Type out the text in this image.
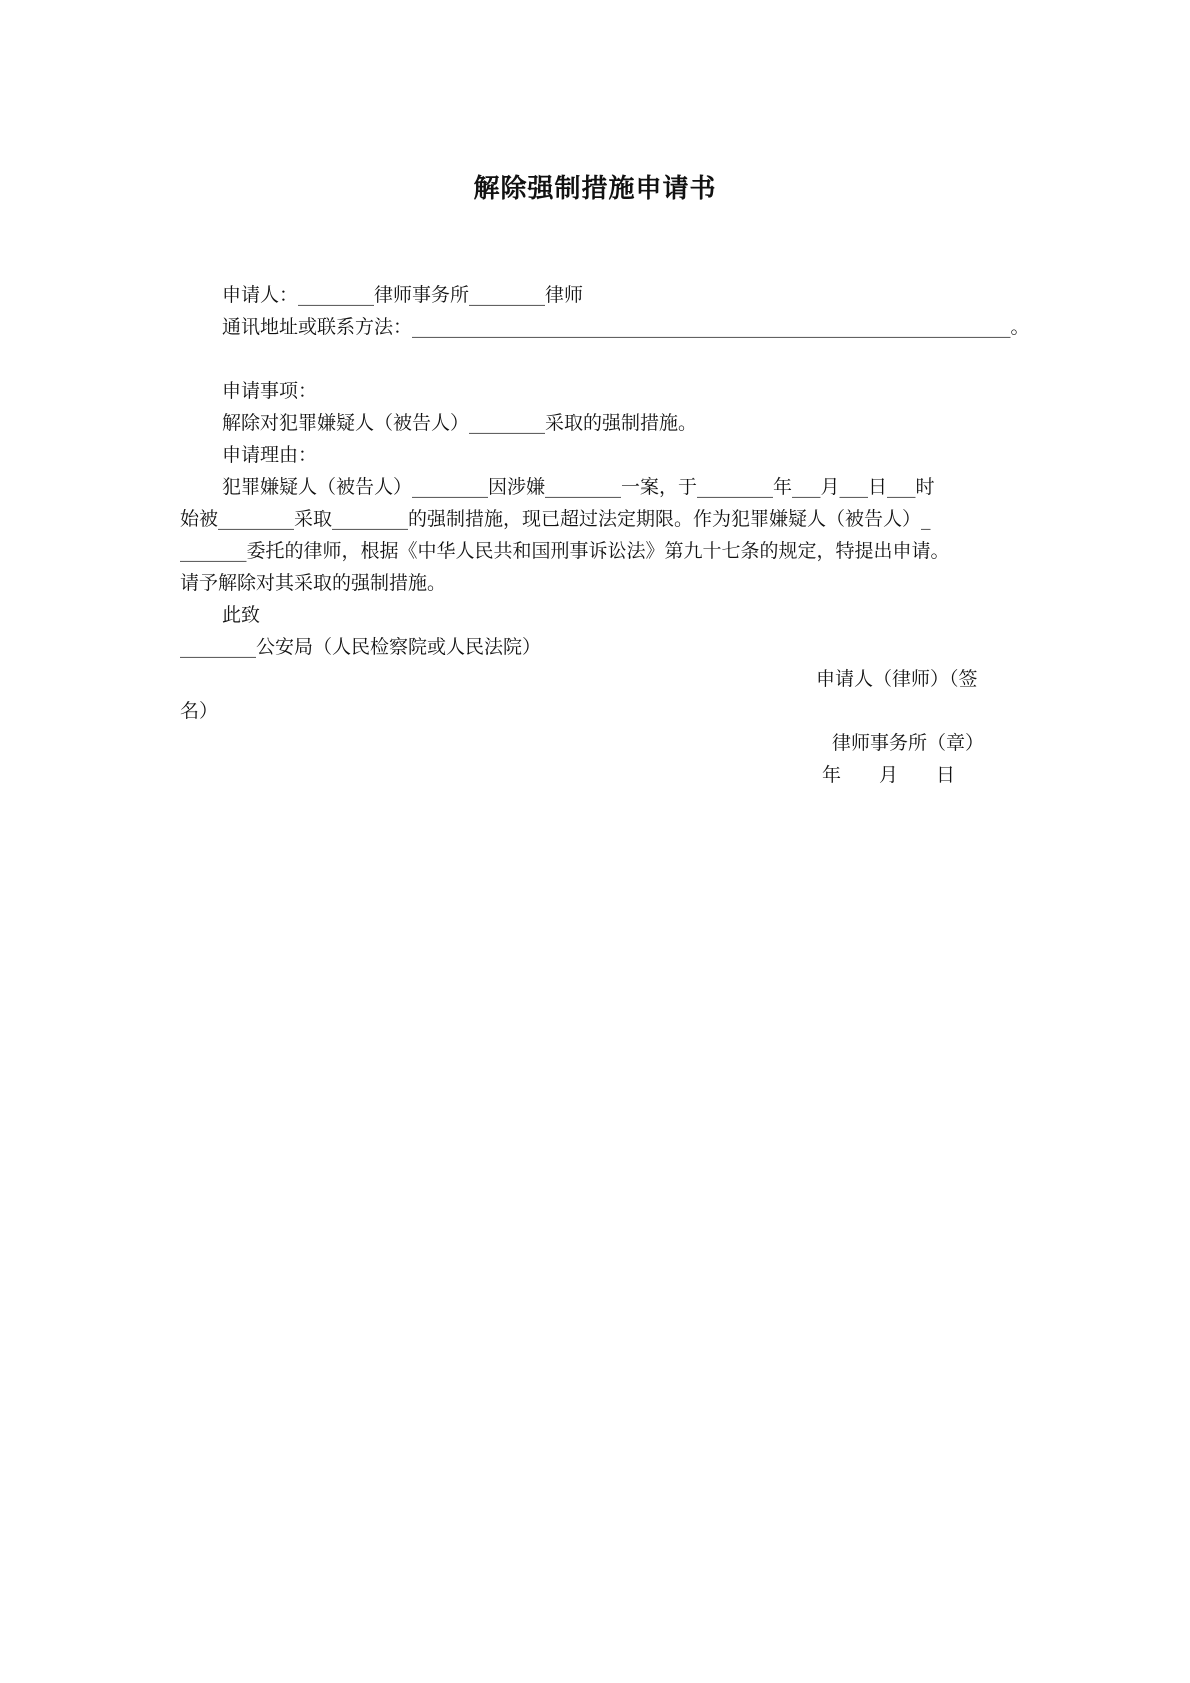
解除强制措施申请书
申请人：________律师事务所________律师
通讯地址或联系方法：_______________________________________________________________。
申请事项：
解除对犯罪嫌疑人（被告人）________采取的强制措施。
申请理由：
犯罪嫌疑人（被告人）________因涉嫌________一案，于________年___月___日___时
始被________采取________的强制措施，现已超过法定期限。作为犯罪嫌疑人（被告人）_
_______委托的律师，根据《中华人民共和国刑事诉讼法》第九十七条的规定，特提出申请。
请予解除对其采取的强制措施。
此致
________公安局（人民检察院或人民法院）
申请人（律师）（签
名）
律师事务所（章）
年　　月　　日
